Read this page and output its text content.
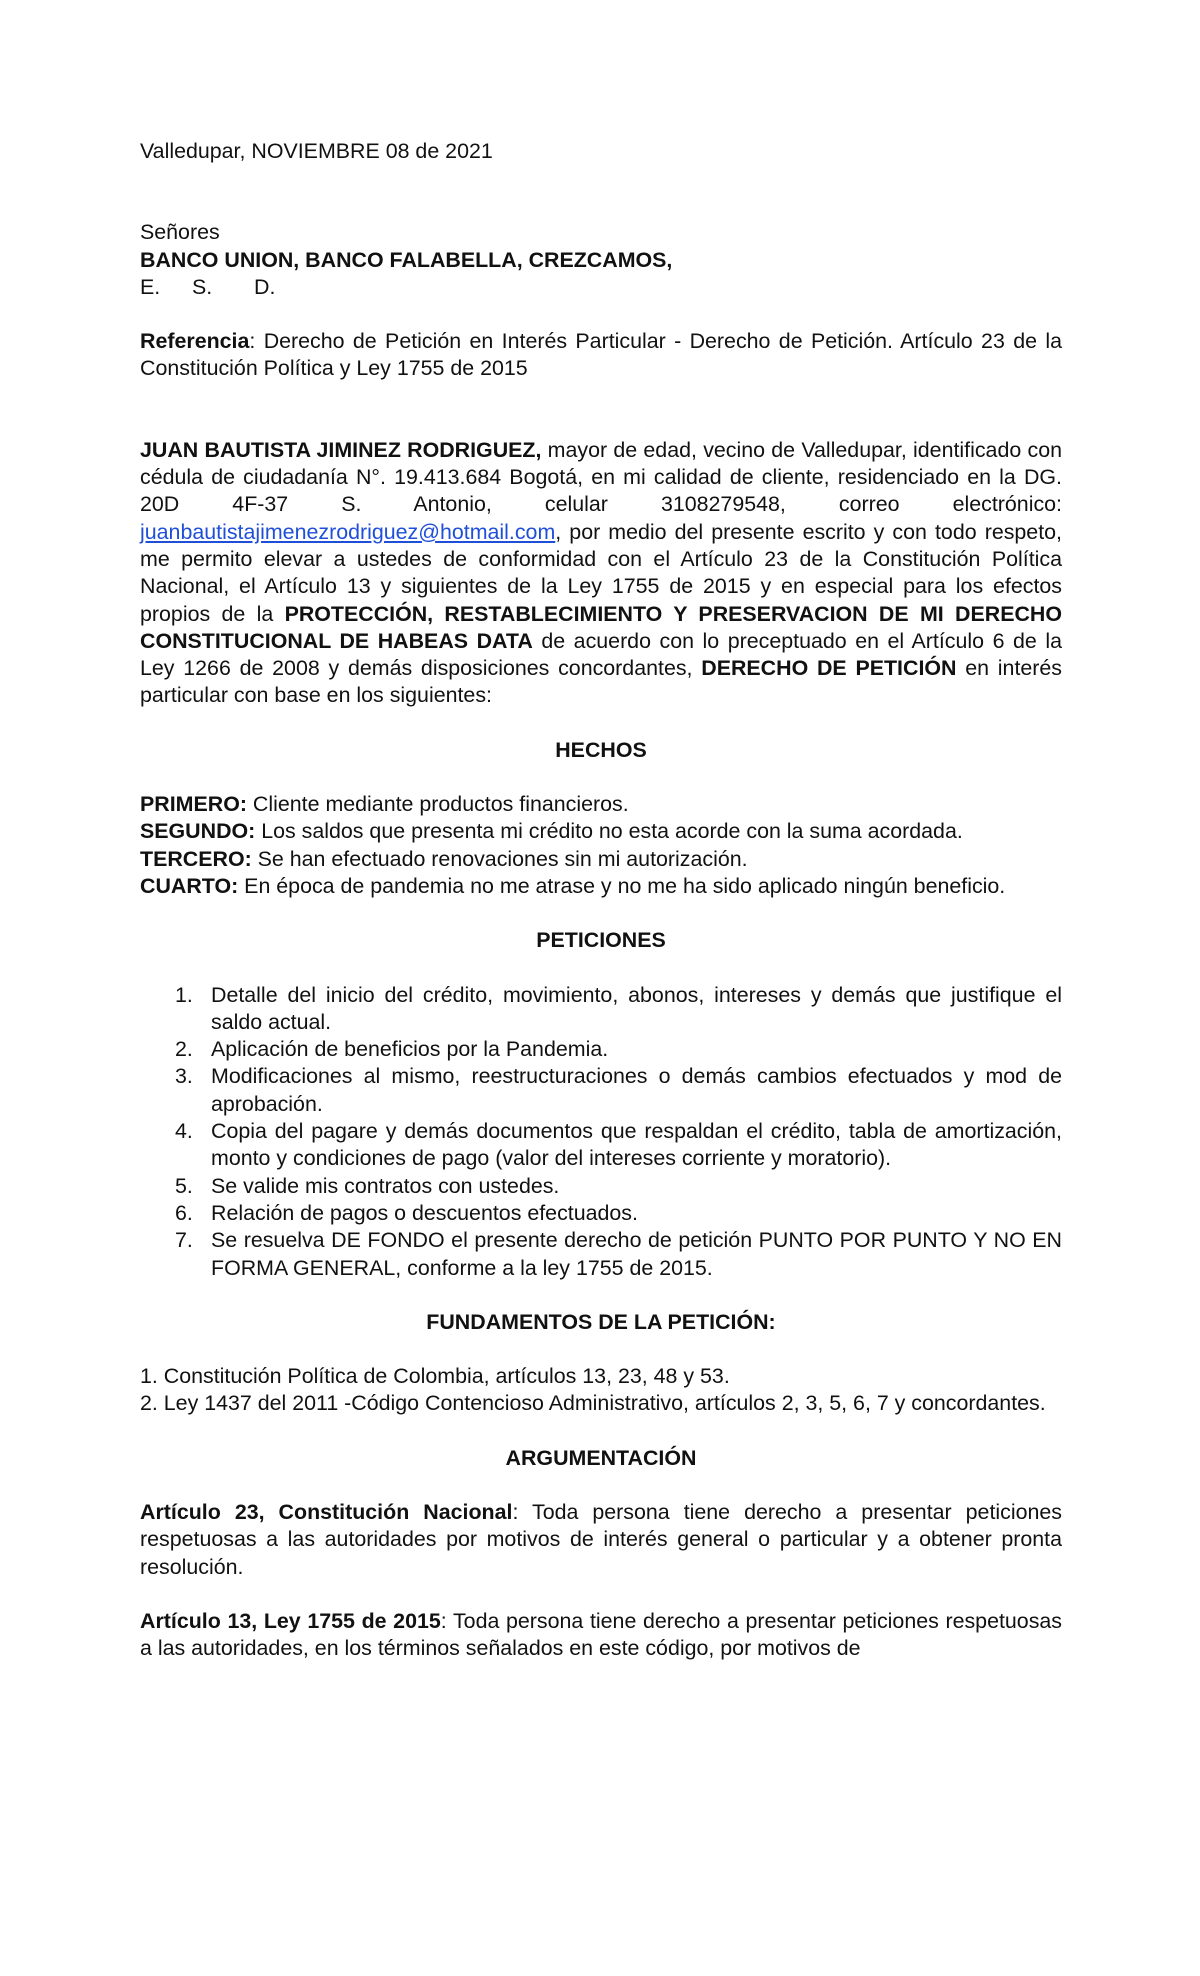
Valledupar, NOVIEMBRE 08 de 2021

Señores

BANCO UNION, BANCO FALABELLA, CREZCAMOS,

E. S. D.

Referencia: Derecho de Petición en Interés Particular - Derecho de Petición. Artículo 23 de la Constitución Política y Ley 1755 de 2015

JUAN BAUTISTA JIMINEZ RODRIGUEZ, mayor de edad, vecino de Valledupar, identificado con cédula de ciudadanía N°. 19.413.684 Bogotá, en mi calidad de cliente, residenciado en la DG. 20D 4F-37 S. Antonio, celular 3108279548, correo electrónico: juanbautistajimenezrodriguez@hotmail.com, por medio del presente escrito y con todo respeto, me permito elevar a ustedes de conformidad con el Artículo 23 de la Constitución Política Nacional, el Artículo 13 y siguientes de la Ley 1755 de 2015 y en especial para los efectos propios de la PROTECCIÓN, RESTABLECIMIENTO Y PRESERVACION DE MI DERECHO CONSTITUCIONAL DE HABEAS DATA de acuerdo con lo preceptuado en el Artículo 6 de la Ley 1266 de 2008 y demás disposiciones concordantes, DERECHO DE PETICIÓN en interés particular con base en los siguientes:

HECHOS

PRIMERO: Cliente mediante productos financieros.

SEGUNDO: Los saldos que presenta mi crédito no esta acorde con la suma acordada.

TERCERO: Se han efectuado renovaciones sin mi autorización.

CUARTO: En época de pandemia no me atrase y no me ha sido aplicado ningún beneficio.

PETICIONES

1. Detalle del inicio del crédito, movimiento, abonos, intereses y demás que justifique el saldo actual.
2. Aplicación de beneficios por la Pandemia.
3. Modificaciones al mismo, reestructuraciones o demás cambios efectuados y mod de aprobación.
4. Copia del pagare y demás documentos que respaldan el crédito, tabla de amortización, monto y condiciones de pago (valor del intereses corriente y moratorio).
5. Se valide mis contratos con ustedes.
6. Relación de pagos o descuentos efectuados.
7. Se resuelva DE FONDO el presente derecho de petición PUNTO POR PUNTO Y NO EN FORMA GENERAL, conforme a la ley 1755 de 2015.

FUNDAMENTOS DE LA PETICIÓN:

1. Constitución Política de Colombia, artículos 13, 23, 48 y 53.

2. Ley 1437 del 2011 -Código Contencioso Administrativo, artículos 2, 3, 5, 6, 7 y concordantes.

ARGUMENTACIÓN

Artículo 23, Constitución Nacional: Toda persona tiene derecho a presentar peticiones respetuosas a las autoridades por motivos de interés general o particular y a obtener pronta resolución.

Artículo 13, Ley 1755 de 2015: Toda persona tiene derecho a presentar peticiones respetuosas a las autoridades, en los términos señalados en este código, por motivos de
